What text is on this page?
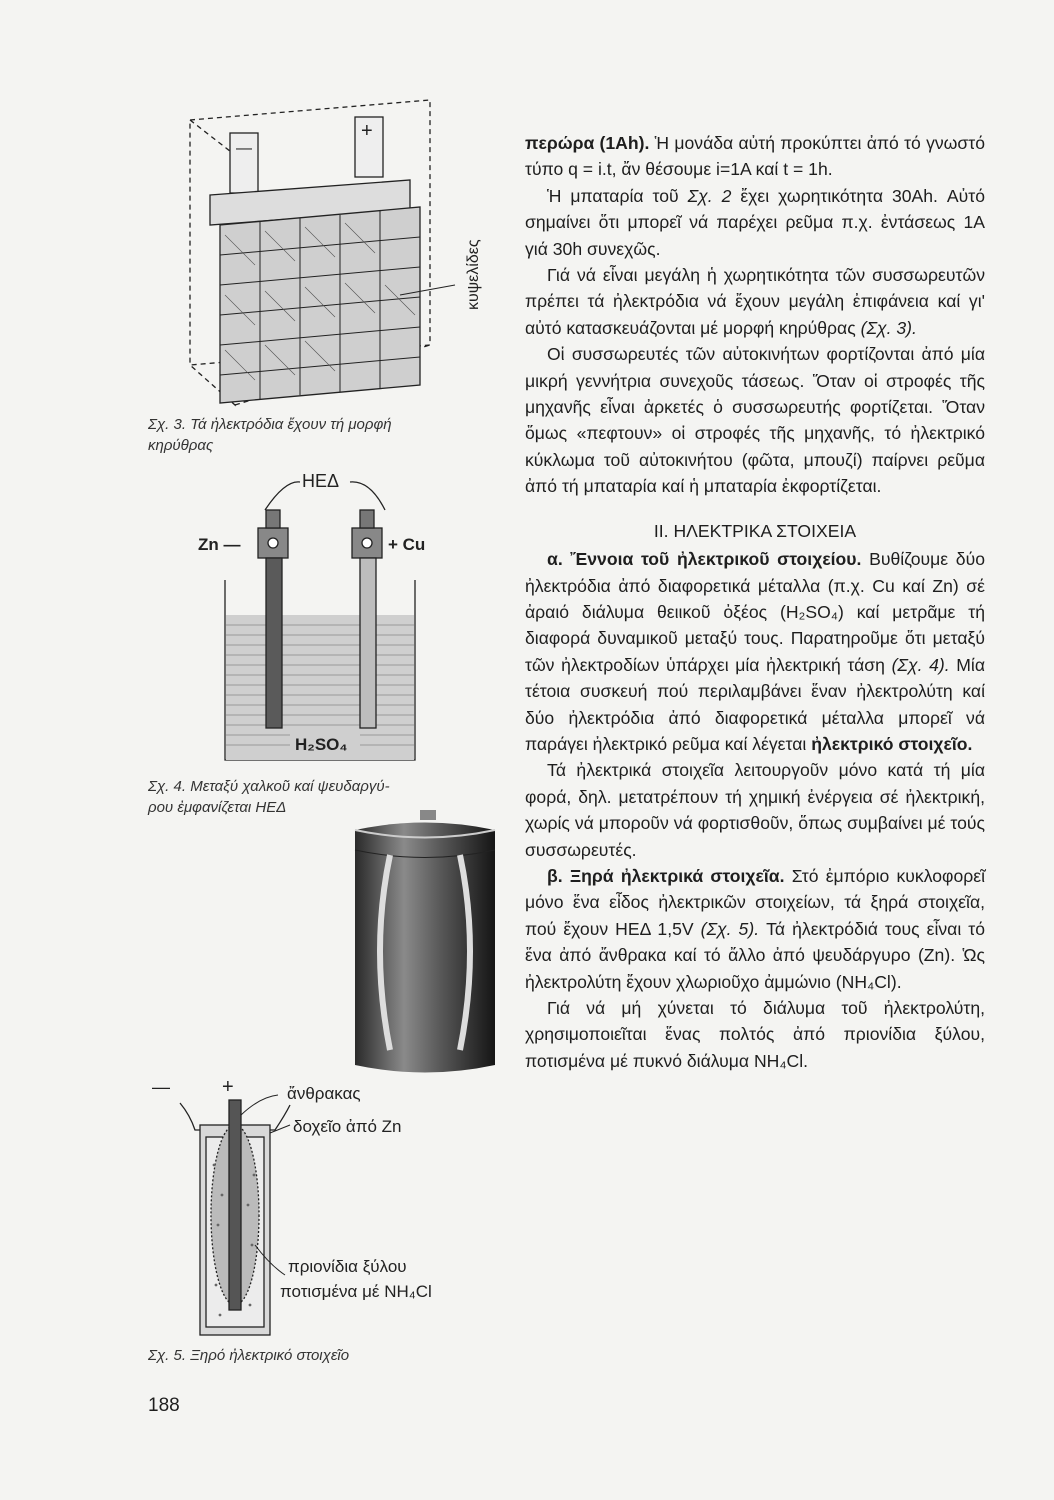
—
+
κυψελίδες
Σχ. 3. Τά ἠλεκτρόδια ἔχουν τή μορφή
κηρύθρας
ΗΕΔ
Zn —	+ Cu
H₂SO₄
Σχ. 4. Μεταξύ χαλκοῦ καί ψευδαργύ-
ρου ἐμφανίζεται ΗΕΔ
—	+	ἄνθρακας
δοχεῖο ἀπό Zn
πριονίδια ξύλου
ποτισμένα μέ NH₄Cl
Σχ. 5. Ξηρό ἠλεκτρικό στοιχεῖο
188

περώρα (1Ah). Ἡ μονάδα αὐτή προκύπτει ἀπό τό γνωστό τύπο q = i.t, ἄν θέσουμε i=1A καί t = 1h.

Ἡ μπαταρία τοῦ Σχ. 2 ἔχει χωρητικότητα 30Ah. Αὐτό σημαίνει ὅτι μπορεῖ νά παρέχει ρεῦμα π.χ. ἐντάσεως 1A γιά 30h συνεχῶς.

Γιά νά εἶναι μεγάλη ἡ χωρητικότητα τῶν συσσωρευτῶν πρέπει τά ἠλεκτρόδια νά ἔχουν μεγάλη ἐπιφάνεια καί γι' αὐτό κατασκευάζονται μέ μορφή κηρύθρας (Σχ. 3).

Οἱ συσσωρευτές τῶν αὐτοκινήτων φορτίζονται ἀπό μία μικρή γεννήτρια συνεχοῦς τάσεως. Ὅταν οἱ στροφές τῆς μηχανῆς εἶναι ἀρκετές ὁ συσσωρευτής φορτίζεται. Ὅταν ὅμως «πεφτουν» οἱ στροφές τῆς μηχανῆς, τό ἠλεκτρικό κύκλωμα τοῦ αὐτοκινήτου (φῶτα, μπουζί) παίρνει ρεῦμα ἀπό τή μπαταρία καί ἡ μπαταρία ἐκφορτίζεται.

ΙΙ. ΗΛΕΚΤΡΙΚΑ ΣΤΟΙΧΕΙΑ

α. Ἔννοια τοῦ ἠλεκτρικοῦ στοιχείου. Βυθίζουμε δύο ἠλεκτρόδια ἀπό διαφορετικά μέταλλα (π.χ. Cu καί Zn) σέ ἀραιό διάλυμα θειικοῦ ὀξέος (H₂SO₄) καί μετρᾶμε τή διαφορά δυναμικοῦ μεταξύ τους. Παρατηροῦμε ὅτι μεταξύ τῶν ἠλεκτροδίων ὑπάρχει μία ἠλεκτρική τάση (Σχ. 4). Μία τέτοια συσκευή πού περιλαμβάνει ἕναν ἠλεκτρολύτη καί δύο ἠλεκτρόδια ἀπό διαφορετικά μέταλλα μπορεῖ νά παράγει ἠλεκτρικό ρεῦμα καί λέγεται ἠλεκτρικό στοιχεῖο.

Τά ἠλεκτρικά στοιχεῖα λειτουργοῦν μόνο κατά τή μία φορά, δηλ. μετατρέπουν τή χημική ἐνέργεια σέ ἠλεκτρική, χωρίς νά μποροῦν νά φορτισθοῦν, ὅπως συμβαίνει μέ τούς συσσωρευτές.

β. Ξηρά ἠλεκτρικά στοιχεῖα. Στό ἐμπόριο κυκλοφορεῖ μόνο ἕνα εἶδος ἠλεκτρικῶν στοιχείων, τά ξηρά στοιχεῖα, πού ἔχουν ΗΕΔ 1,5V (Σχ. 5). Τά ἠλεκτρόδιά τους εἶναι τό ἕνα ἀπό ἄνθρακα καί τό ἄλλο ἀπό ψευδάργυρο (Zn). Ὡς ἠλεκτρολύτη ἔχουν χλωριοῦχο ἀμμώνιο (NH₄Cl).

Γιά νά μή χύνεται τό διάλυμα τοῦ ἠλεκτρολύτη, χρησιμοποιεῖται ἕνας πολτός ἀπό πριονίδια ξύλου, ποτισμένα μέ πυκνό διάλυμα NH₄Cl.
